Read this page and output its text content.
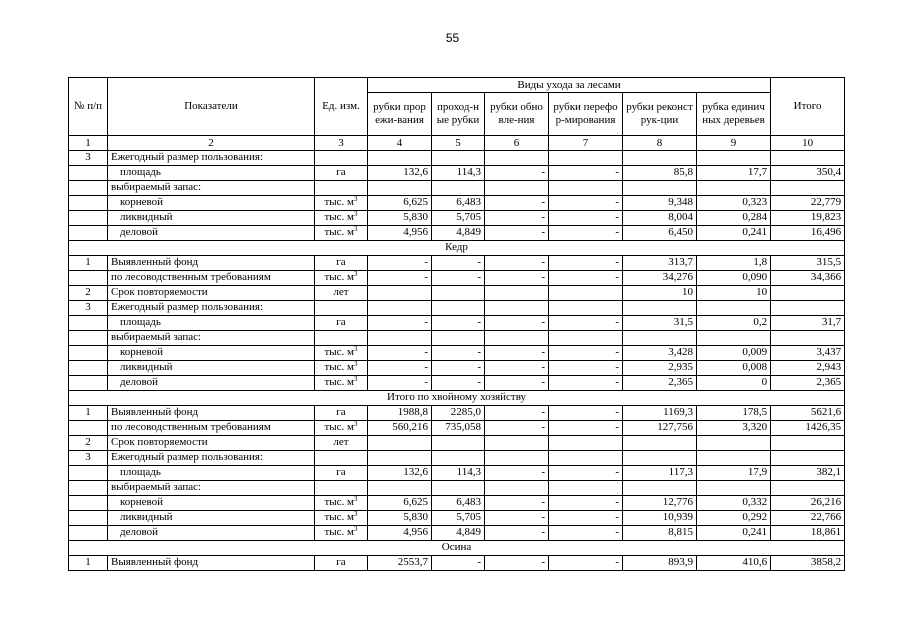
55
№ п/п	Показатели	Ед. изм.	Виды ухода за лесами						Итого
			рубки прорежи-вания	проход-ные рубки	рубки обновле-ния	рубки перефор-мирования	рубки реконструк-ции	рубка единичных деревьев	
1	2	3	4	5	6	7	8	9	10
3	Ежегодный размер пользования:								
	площадь	га	132,6	114,3	-	-	85,8	17,7	350,4
	выбираемый запас:								
	корневой	тыс. $м^3$	6,625	6,483	-	-	9,348	0,323	22,779
	ликвидный	тыс. $м^3$	5,830	5,705	-	-	8,004	0,284	19,823
	деловой	тыс. $м^3$	4,956	4,849	-	-	6,450	0,241	16,496
Кедр									
1	Выявленный фонд	га	-	-	-	-	313,7	1,8	315,5
	по лесоводственным требованиям	тыс. $м^3$	-	-	-	-	34,276	0,090	34,366
2	Срок повторяемости	лет					10	10	
3	Ежегодный размер пользования:								
	площадь	га	-	-	-	-	31,5	0,2	31,7
	выбираемый запас:								
	корневой	тыс. $м^3$	-	-	-	-	3,428	0,009	3,437
	ликвидный	тыс. $м^3$	-	-	-	-	2,935	0,008	2,943
	деловой	тыс. $м^3$	-	-	-	-	2,365	0	2,365
Итого по хвойному хозяйству									
1	Выявленный фонд	га	1988,8	2285,0	-	-	1169,3	178,5	5621,6
	по лесоводственным требованиям	тыс. $м^3$	560,216	735,058	-	-	127,756	3,320	1426,35
2	Срок повторяемости	лет							
3	Ежегодный размер пользования:								
	площадь	га	132,6	114,3	-	-	117,3	17,9	382,1
	выбираемый запас:								
	корневой	тыс. $м^3$	6,625	6,483	-	-	12,776	0,332	26,216
	ликвидный	тыс. $м^3$	5,830	5,705	-	-	10,939	0,292	22,766
	деловой	тыс. $м^3$	4,956	4,849	-	-	8,815	0,241	18,861
Осина									
1	Выявленный фонд	га	2553,7	-	-	-	893,9	410,6	3858,2
